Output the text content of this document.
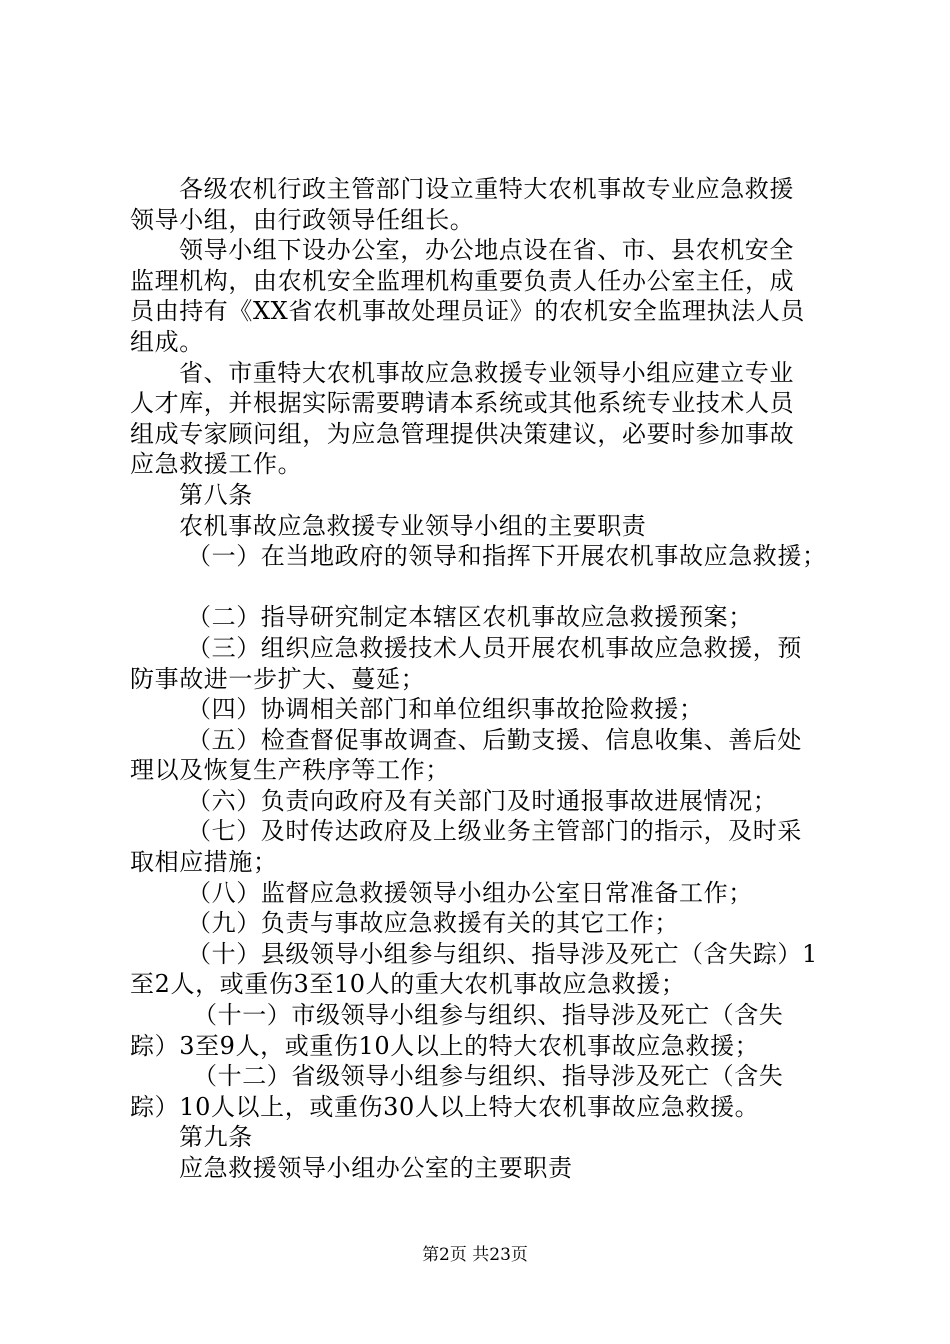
各级农机行政主管部门设立重特大农机事故专业应急救援
领导小组，由行政领导任组长。
领导小组下设办公室，办公地点设在省、市、县农机安全
监理机构，由农机安全监理机构重要负责人任办公室主任，成
员由持有《XX省农机事故处理员证》的农机安全监理执法人员
组成。
省、市重特大农机事故应急救援专业领导小组应建立专业
人才库，并根据实际需要聘请本系统或其他系统专业技术人员
组成专家顾问组，为应急管理提供决策建议，必要时参加事故
应急救援工作。
第八条
农机事故应急救援专业领导小组的主要职责
（一）在当地政府的领导和指挥下开展农机事故应急救援；
（二）指导研究制定本辖区农机事故应急救援预案；
（三）组织应急救援技术人员开展农机事故应急救援，预
防事故进一步扩大、蔓延；
（四）协调相关部门和单位组织事故抢险救援；
（五）检查督促事故调查、后勤支援、信息收集、善后处
理以及恢复生产秩序等工作；
（六）负责向政府及有关部门及时通报事故进展情况；
（七）及时传达政府及上级业务主管部门的指示，及时采
取相应措施；
（八）监督应急救援领导小组办公室日常准备工作；
（九）负责与事故应急救援有关的其它工作；
（十）县级领导小组参与组织、指导涉及死亡（含失踪）1
至2人，或重伤3至10人的重大农机事故应急救援；
（十一）市级领导小组参与组织、指导涉及死亡（含失
踪）3至9人，或重伤10人以上的特大农机事故应急救援；
（十二）省级领导小组参与组织、指导涉及死亡（含失
踪）10人以上，或重伤30人以上特大农机事故应急救援。
第九条
应急救援领导小组办公室的主要职责
第2页 共23页
